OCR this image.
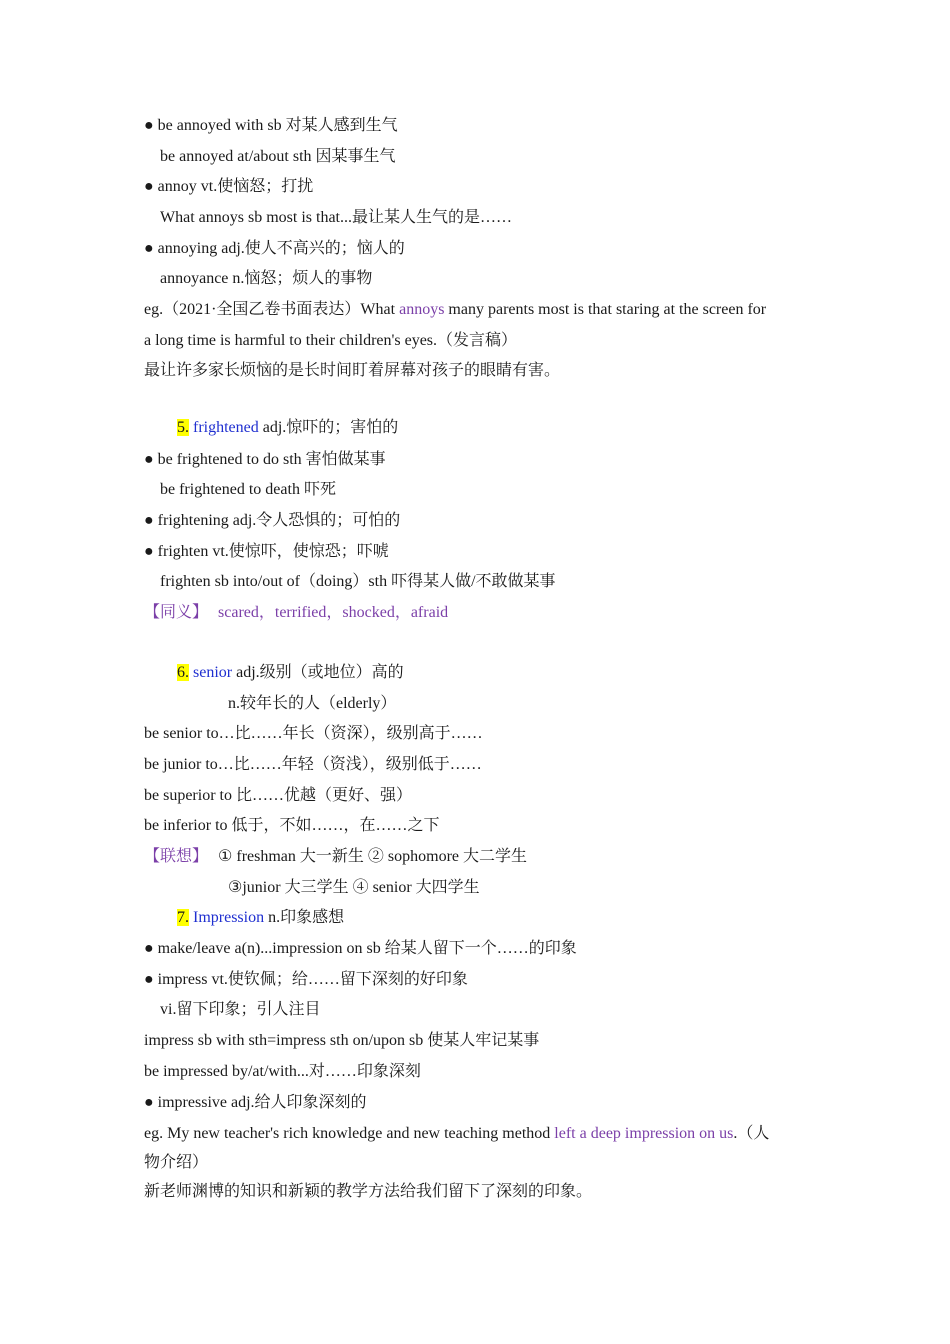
● be annoyed with sb 对某人感到生气
be annoyed at/about sth 因某事生气
● annoy vt.使恼怒；打扰
What annoys sb most is that...最让某人生气的是……
● annoying adj.使人不高兴的；恼人的
annoyance n.恼怒；烦人的事物
eg.（2021·全国乙卷书面表达）What annoys many parents most is that staring at the screen for
a long time is harmful to their children's eyes.（发言稿）
最让许多家长烦恼的是长时间盯着屏幕对孩子的眼睛有害。
5. frightened adj.惊吓的；害怕的
● be frightened to do sth 害怕做某事
be frightened to death 吓死
● frightening adj.令人恐惧的；可怕的
● frighten vt.使惊吓，使惊恐；吓唬
frighten sb into/out of（doing）sth 吓得某人做/不敢做某事
【同义】 scared，terrified，shocked，afraid
6. senior adj.级别（或地位）高的
n.较年长的人（elderly）
be senior to…比……年长（资深），级别高于……
be junior to…比……年轻（资浅），级别低于……
be superior to 比……优越（更好、强）
be inferior to 低于，不如……，在……之下
【联想】 ① freshman 大一新生 ② sophomore 大二学生
③junior 大三学生 ④ senior 大四学生
7. Impression n.印象感想
● make/leave a(n)...impression on sb 给某人留下一个……的印象
● impress vt.使钦佩；给……留下深刻的好印象
vi.留下印象；引人注目
impress sb with sth=impress sth on/upon sb 使某人牢记某事
be impressed by/at/with...对……印象深刻
● impressive adj.给人印象深刻的
eg. My new teacher's rich knowledge and new teaching method left a deep impression on us.（人
物介绍）
新老师渊博的知识和新颖的教学方法给我们留下了深刻的印象。
